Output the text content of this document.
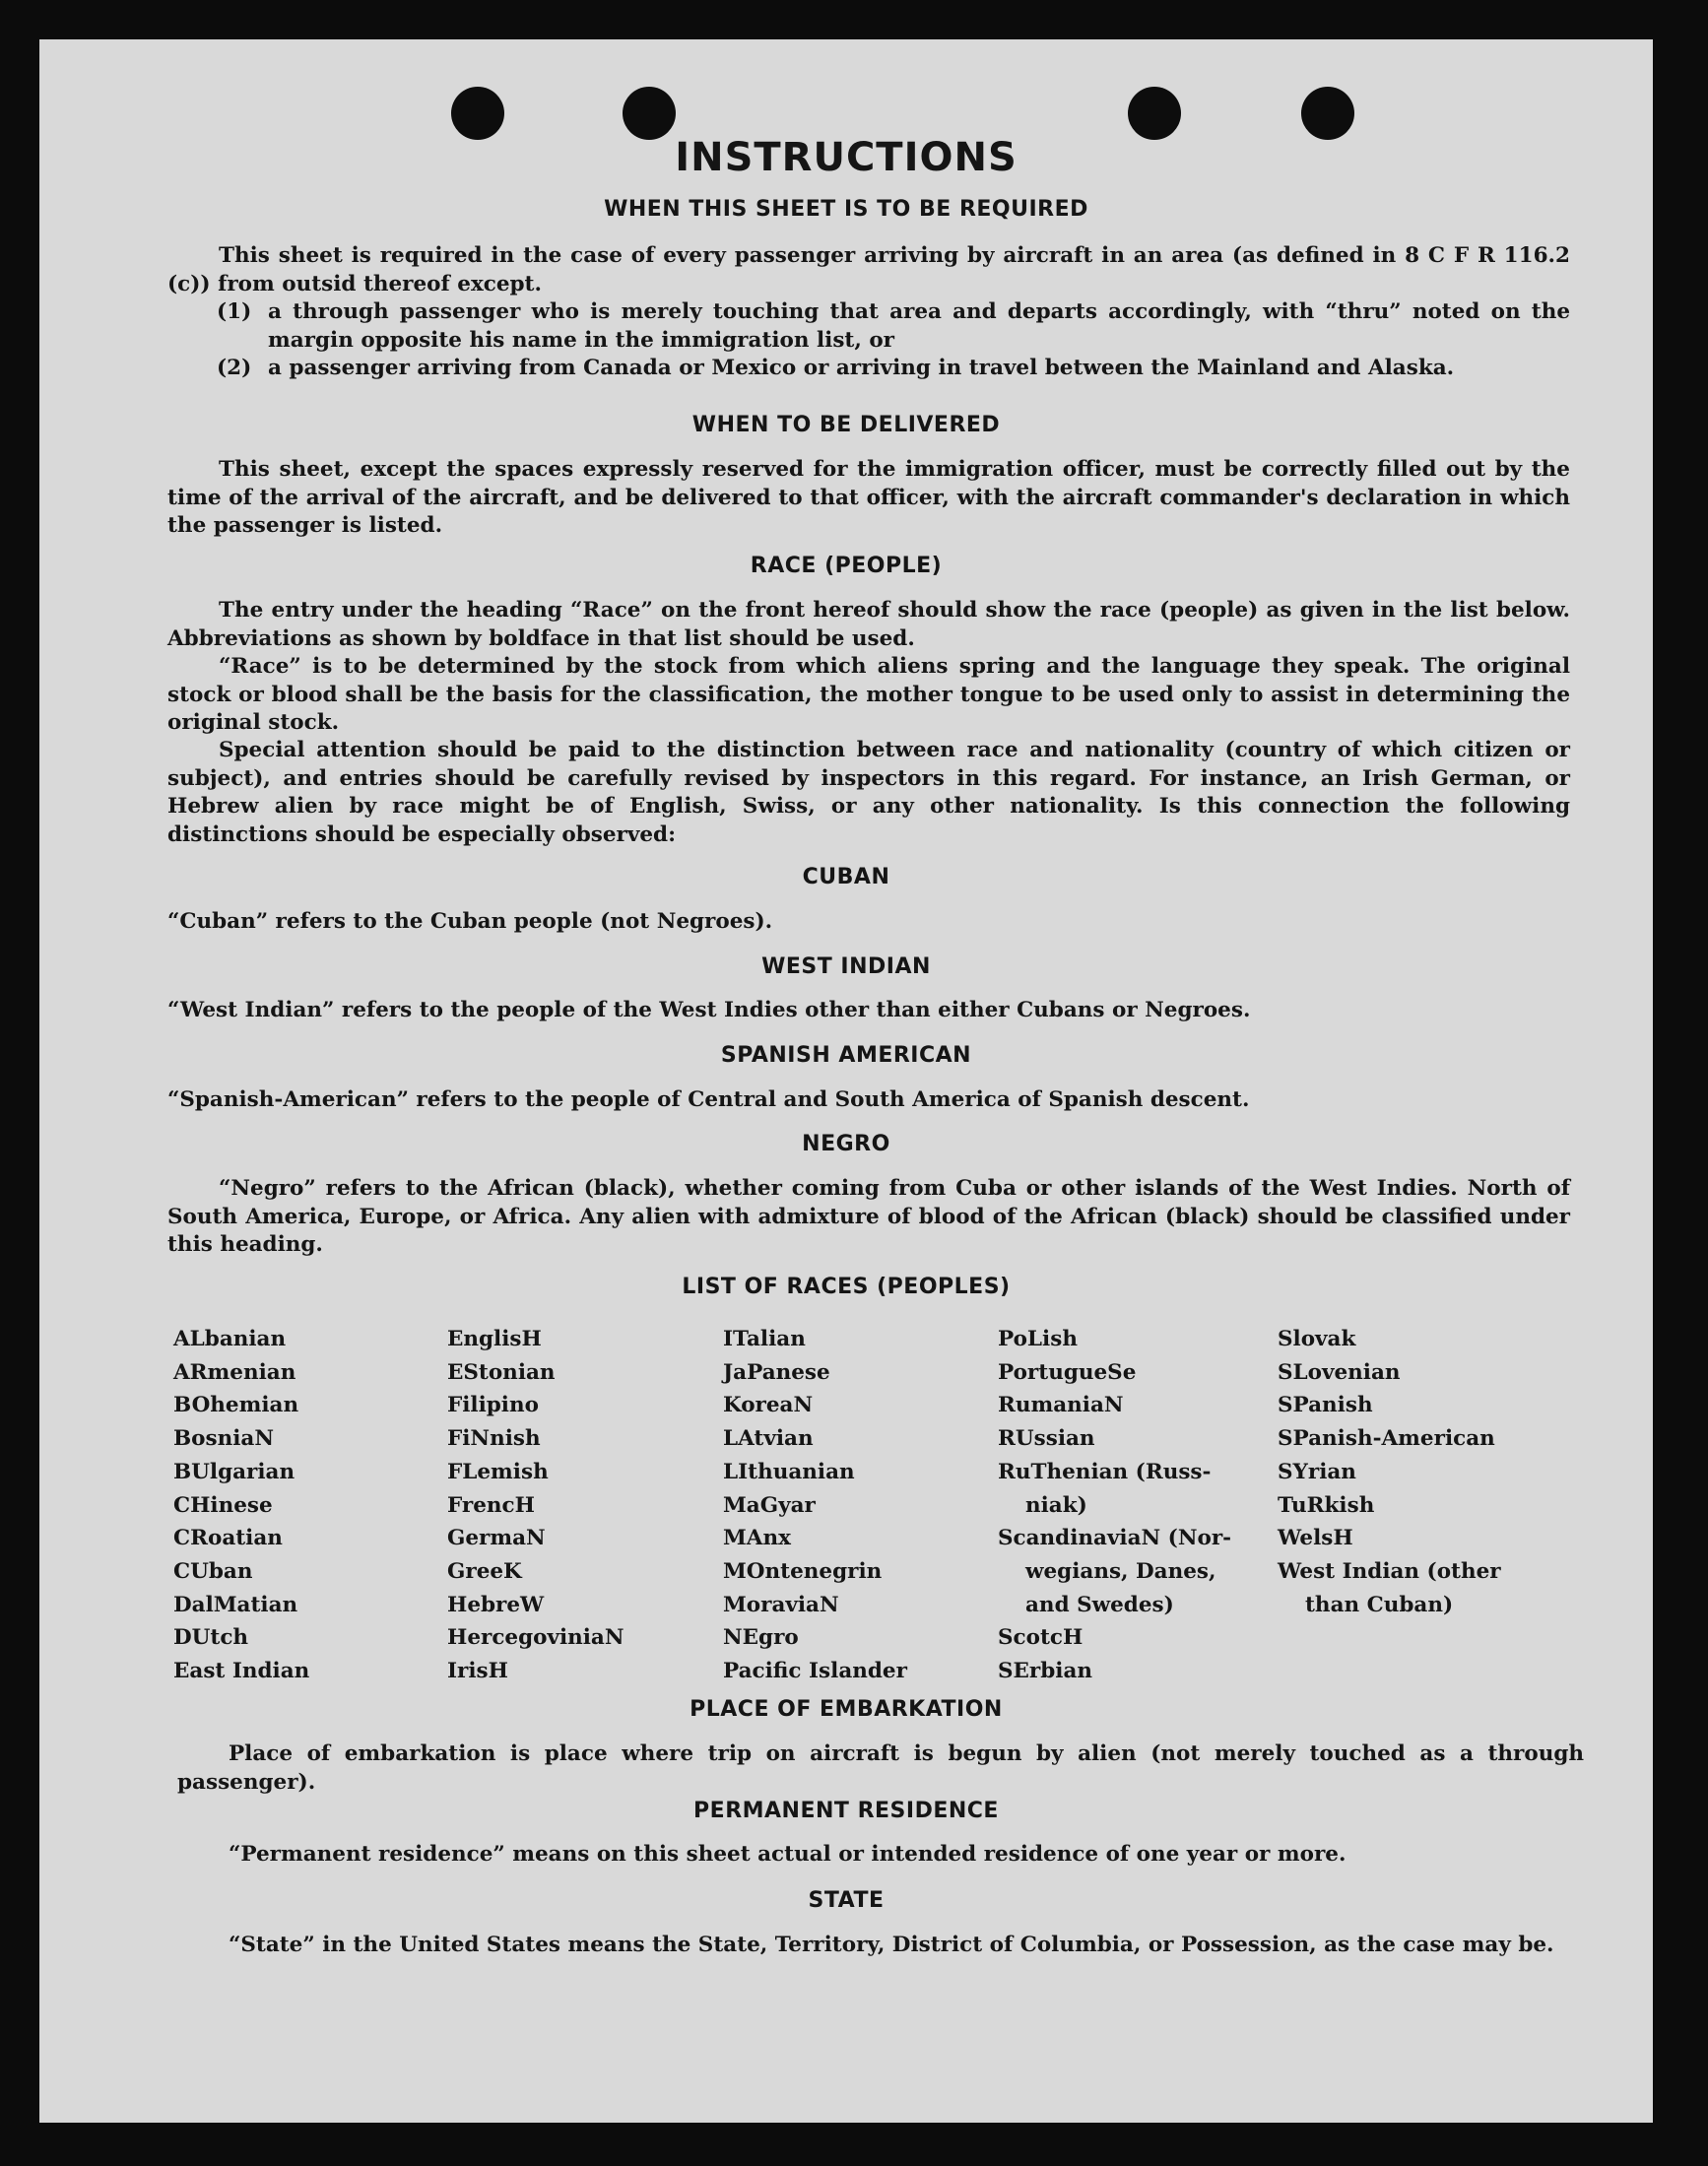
INSTRUCTIONS
WHEN THIS SHEET IS TO BE REQUIRED
This sheet is required in the case of every passenger arriving by aircraft in an area (as defined in 8 C F R 116.2 (c)) from outsid thereof except.
(1) a through passenger who is merely touching that area and departs accordingly, with “thru” noted on the margin opposite his name in the immigration list, or
(2) a passenger arriving from Canada or Mexico or arriving in travel between the Mainland and Alaska.
WHEN TO BE DELIVERED
This sheet, except the spaces expressly reserved for the immigration officer, must be correctly filled out by the time of the arrival of the aircraft, and be delivered to that officer, with the aircraft commander's declaration in which the passenger is listed.
RACE (PEOPLE)
The entry under the heading “Race” on the front hereof should show the race (people) as given in the list below. Abbreviations as shown by boldface in that list should be used.
“Race” is to be determined by the stock from which aliens spring and the language they speak. The original stock or blood shall be the basis for the classification, the mother tongue to be used only to assist in determining the original stock.
Special attention should be paid to the distinction between race and nationality (country of which citizen or subject), and entries should be carefully revised by inspectors in this regard. For instance, an Irish German, or Hebrew alien by race might be of English, Swiss, or any other nationality. Is this connection the following distinctions should be especially observed:
CUBAN
“Cuban” refers to the Cuban people (not Negroes).
WEST INDIAN
“West Indian” refers to the people of the West Indies other than either Cubans or Negroes.
SPANISH AMERICAN
“Spanish-American” refers to the people of Central and South America of Spanish descent.
NEGRO
“Negro” refers to the African (black), whether coming from Cuba or other islands of the West Indies. North of South America, Europe, or Africa. Any alien with admixture of blood of the African (black) should be classified under this heading.
LIST OF RACES (PEOPLES)
ALbanian
ARmenian
BOhemian
BosniaN
BUlgarian
CHinese
CRoatian
CUban
DalMatian
DUtch
East Indian
EnglisH
EStonian
Filipino
FiNnish
FLemish
FrencH
GermaN
GreeK
HebreW
HercegoviniaN
IrisH
ITalian
JaPanese
KoreaN
LAtvian
LIthuanian
MaGyar
MAnx
MOntenegrin
MoraviaN
NEgro
Pacific Islander
PoLish
PortugueSe
RumaniaN
RUssian
RuThenian (Russ-
niak)
ScandinaviaN (Nor-
wegians, Danes,
and Swedes)
ScotcH
SErbian
Slovak
SLovenian
SPanish
SPanish-American
SYrian
TuRkish
WelsH
West Indian (other
than Cuban)
PLACE OF EMBARKATION
Place of embarkation is place where trip on aircraft is begun by alien (not merely touched as a through passenger).
PERMANENT RESIDENCE
“Permanent residence” means on this sheet actual or intended residence of one year or more.
STATE
“State” in the United States means the State, Territory, District of Columbia, or Possession, as the case may be.
